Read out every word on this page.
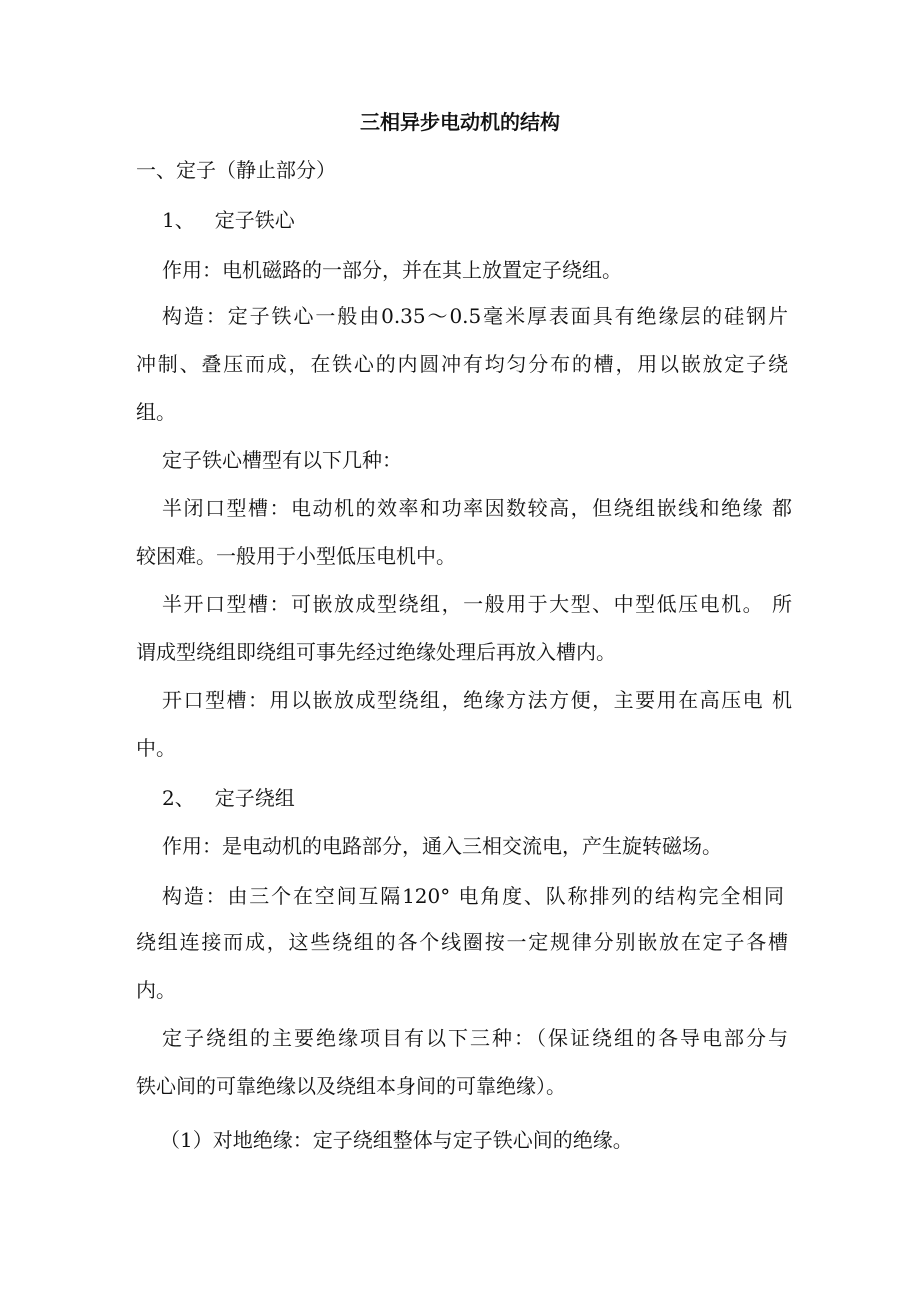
三相异步电动机的结构

一、定子（静止部分）

1、 定子铁心

作用：电机磁路的一部分，并在其上放置定子绕组。

构造：定子铁心一般由0.35～0.5毫米厚表面具有绝缘层的硅钢片

冲制、叠压而成，在铁心的内圆冲有均匀分布的槽，用以嵌放定子绕

组。

定子铁心槽型有以下几种：

半闭口型槽：电动机的效率和功率因数较高，但绕组嵌线和绝缘 都

较困难。一般用于小型低压电机中。

半开口型槽：可嵌放成型绕组，一般用于大型、中型低压电机。 所

谓成型绕组即绕组可事先经过绝缘处理后再放入槽内。

开口型槽：用以嵌放成型绕组，绝缘方法方便，主要用在高压电 机

中。

2、 定子绕组

作用：是电动机的电路部分，通入三相交流电，产生旋转磁场。

构造：由三个在空间互隔120° 电角度、队称排列的结构完全相同

绕组连接而成，这些绕组的各个线圈按一定规律分别嵌放在定子各槽

内。

定子绕组的主要绝缘项目有以下三种：（保证绕组的各导电部分与

铁心间的可靠绝缘以及绕组本身间的可靠绝缘）。

（1）对地绝缘：定子绕组整体与定子铁心间的绝缘。
